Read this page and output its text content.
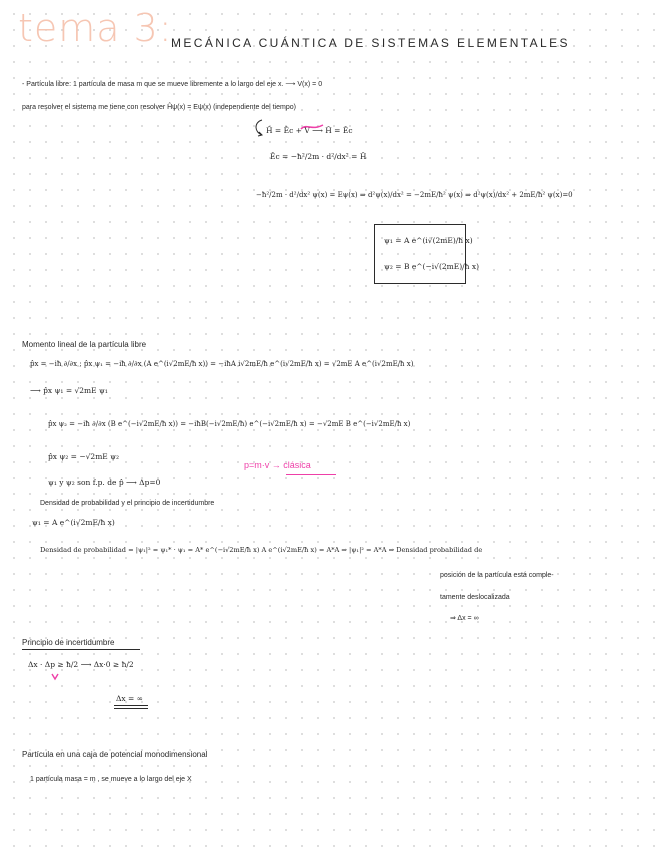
tema 3:
MECÁNICA CUÁNTICA DE SISTEMAS ELEMENTALES
- Partícula libre: 1 partícula de masa m que se mueve libremente a lo largo del eje x. ⟶ V(x) = 0
para resolver el sistema me tiene con resolver Ĥψ(x) = Eψ(x) (independiente del tiempo)
Ĥ = Êc + V̂ ⟶ Ĥ = Êc
Êc = −ħ²/2m · d²/dx² = Ĥ
−ħ²/2m · d²/dx² ψ(x) = Eψ(x) ⇒ d²ψ(x)/dx² = −2mE/ħ² ψ(x) ⇒ d²ψ(x)/dx² + 2mE/ħ² ψ(x)=0
ψ₁ = A e^(i√(2mE)/ħ x)
ψ₂ = B e^(−i√(2mE)/ħ x)
Momento lineal de la partícula libre
p̂x = −iħ ∂/∂x ; p̂x ψ₁ = −iħ ∂/∂x (A e^(i√2mE/ħ x)) = −iħA i√2mE/ħ e^(i√2mE/ħ x) = √2mE A e^(i√2mE/ħ x)
⟶ p̂x ψ₁ = √2mE ψ₁
p̂x ψ₂ = −iħ ∂/∂x (B e^(−i√2mE/ħ x)) = −iħB(−i√2mE/ħ) e^(−i√2mE/ħ x) = −√2mE B e^(−i√2mE/ħ x)
p̂x ψ₂ = −√2mE ψ₂
p=m·v → clásica
ψ₁ y ψ₂ son f.p. de p̂ ⟶ Δp=0
Densidad de probabilidad y el principio de incertidumbre
ψ₁ = A e^(i√2mE/ħ x)
Densidad de probabilidad = |ψ₁|² = ψ₁* · ψ₁ = A* e^(−i√2mE/ħ x) A e^(i√2mE/ħ x) = A*A ⇒ |ψ₁|² = A*A ⇒ Densidad probabilidad de
posición de la partícula está comple-
tamente deslocalizada
⇒ Δx = ∞
Principio de incertidumbre
Δx · Δp ≥ ħ/2 ⟶ Δx·0 ≥ ħ/2
Δx = ∞
Partícula en una caja de potencial monodimensional
1 partícula masa = m , se mueve a lo largo del eje X
